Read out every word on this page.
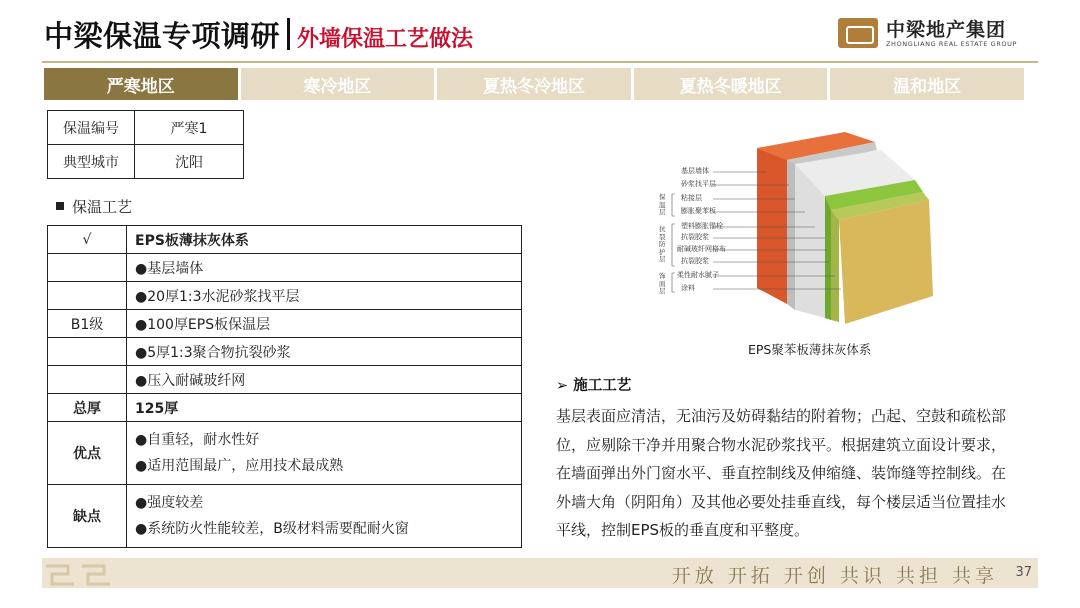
中梁保温专项调研 外墙保温工艺做法	中梁地产集团
ZHONGLIANG REAL ESTATE GROUP
严寒地区	寒冷地区	夏热冬冷地区	夏热冬暖地区	温和地区
保温编号	严寒1
典型城市	沈阳
保温工艺
√	EPS板薄抹灰体系
	●基层墙体
	●20厚1:3水泥砂浆找平层
B1级	●100厚EPS板保温层
	●5厚1:3聚合物抗裂砂浆
	●压入耐碱玻纤网
总厚	125厚
优点	●自重轻，耐水性好
●适用范围最广，应用技术最成熟

缺点	●强度较差
●系统防火性能较差，B级材料需要配耐火窗
基层墙体
砂浆找平层
粘接层
膨胀聚苯板
塑料膨胀锚栓
抗裂胶浆
耐碱玻纤网格布
抗裂胶浆
柔性耐水腻子
涂料
保温层
抗裂防护层
饰面层
EPS聚苯板薄抹灰体系
➢ 施工工艺
基层表面应清洁，无油污及妨碍黏结的附着物；凸起、空鼓和疏松部位，应剔除干净并用聚合物水泥砂浆找平。根据建筑立面设计要求，在墙面弹出外门窗水平、垂直控制线及伸缩缝、装饰缝等控制线。在外墙大角（阴阳角）及其他必要处挂垂直线，每个楼层适当位置挂水平线，控制EPS板的垂直度和平整度。
开放 开拓 开创 共识 共担 共享 37
